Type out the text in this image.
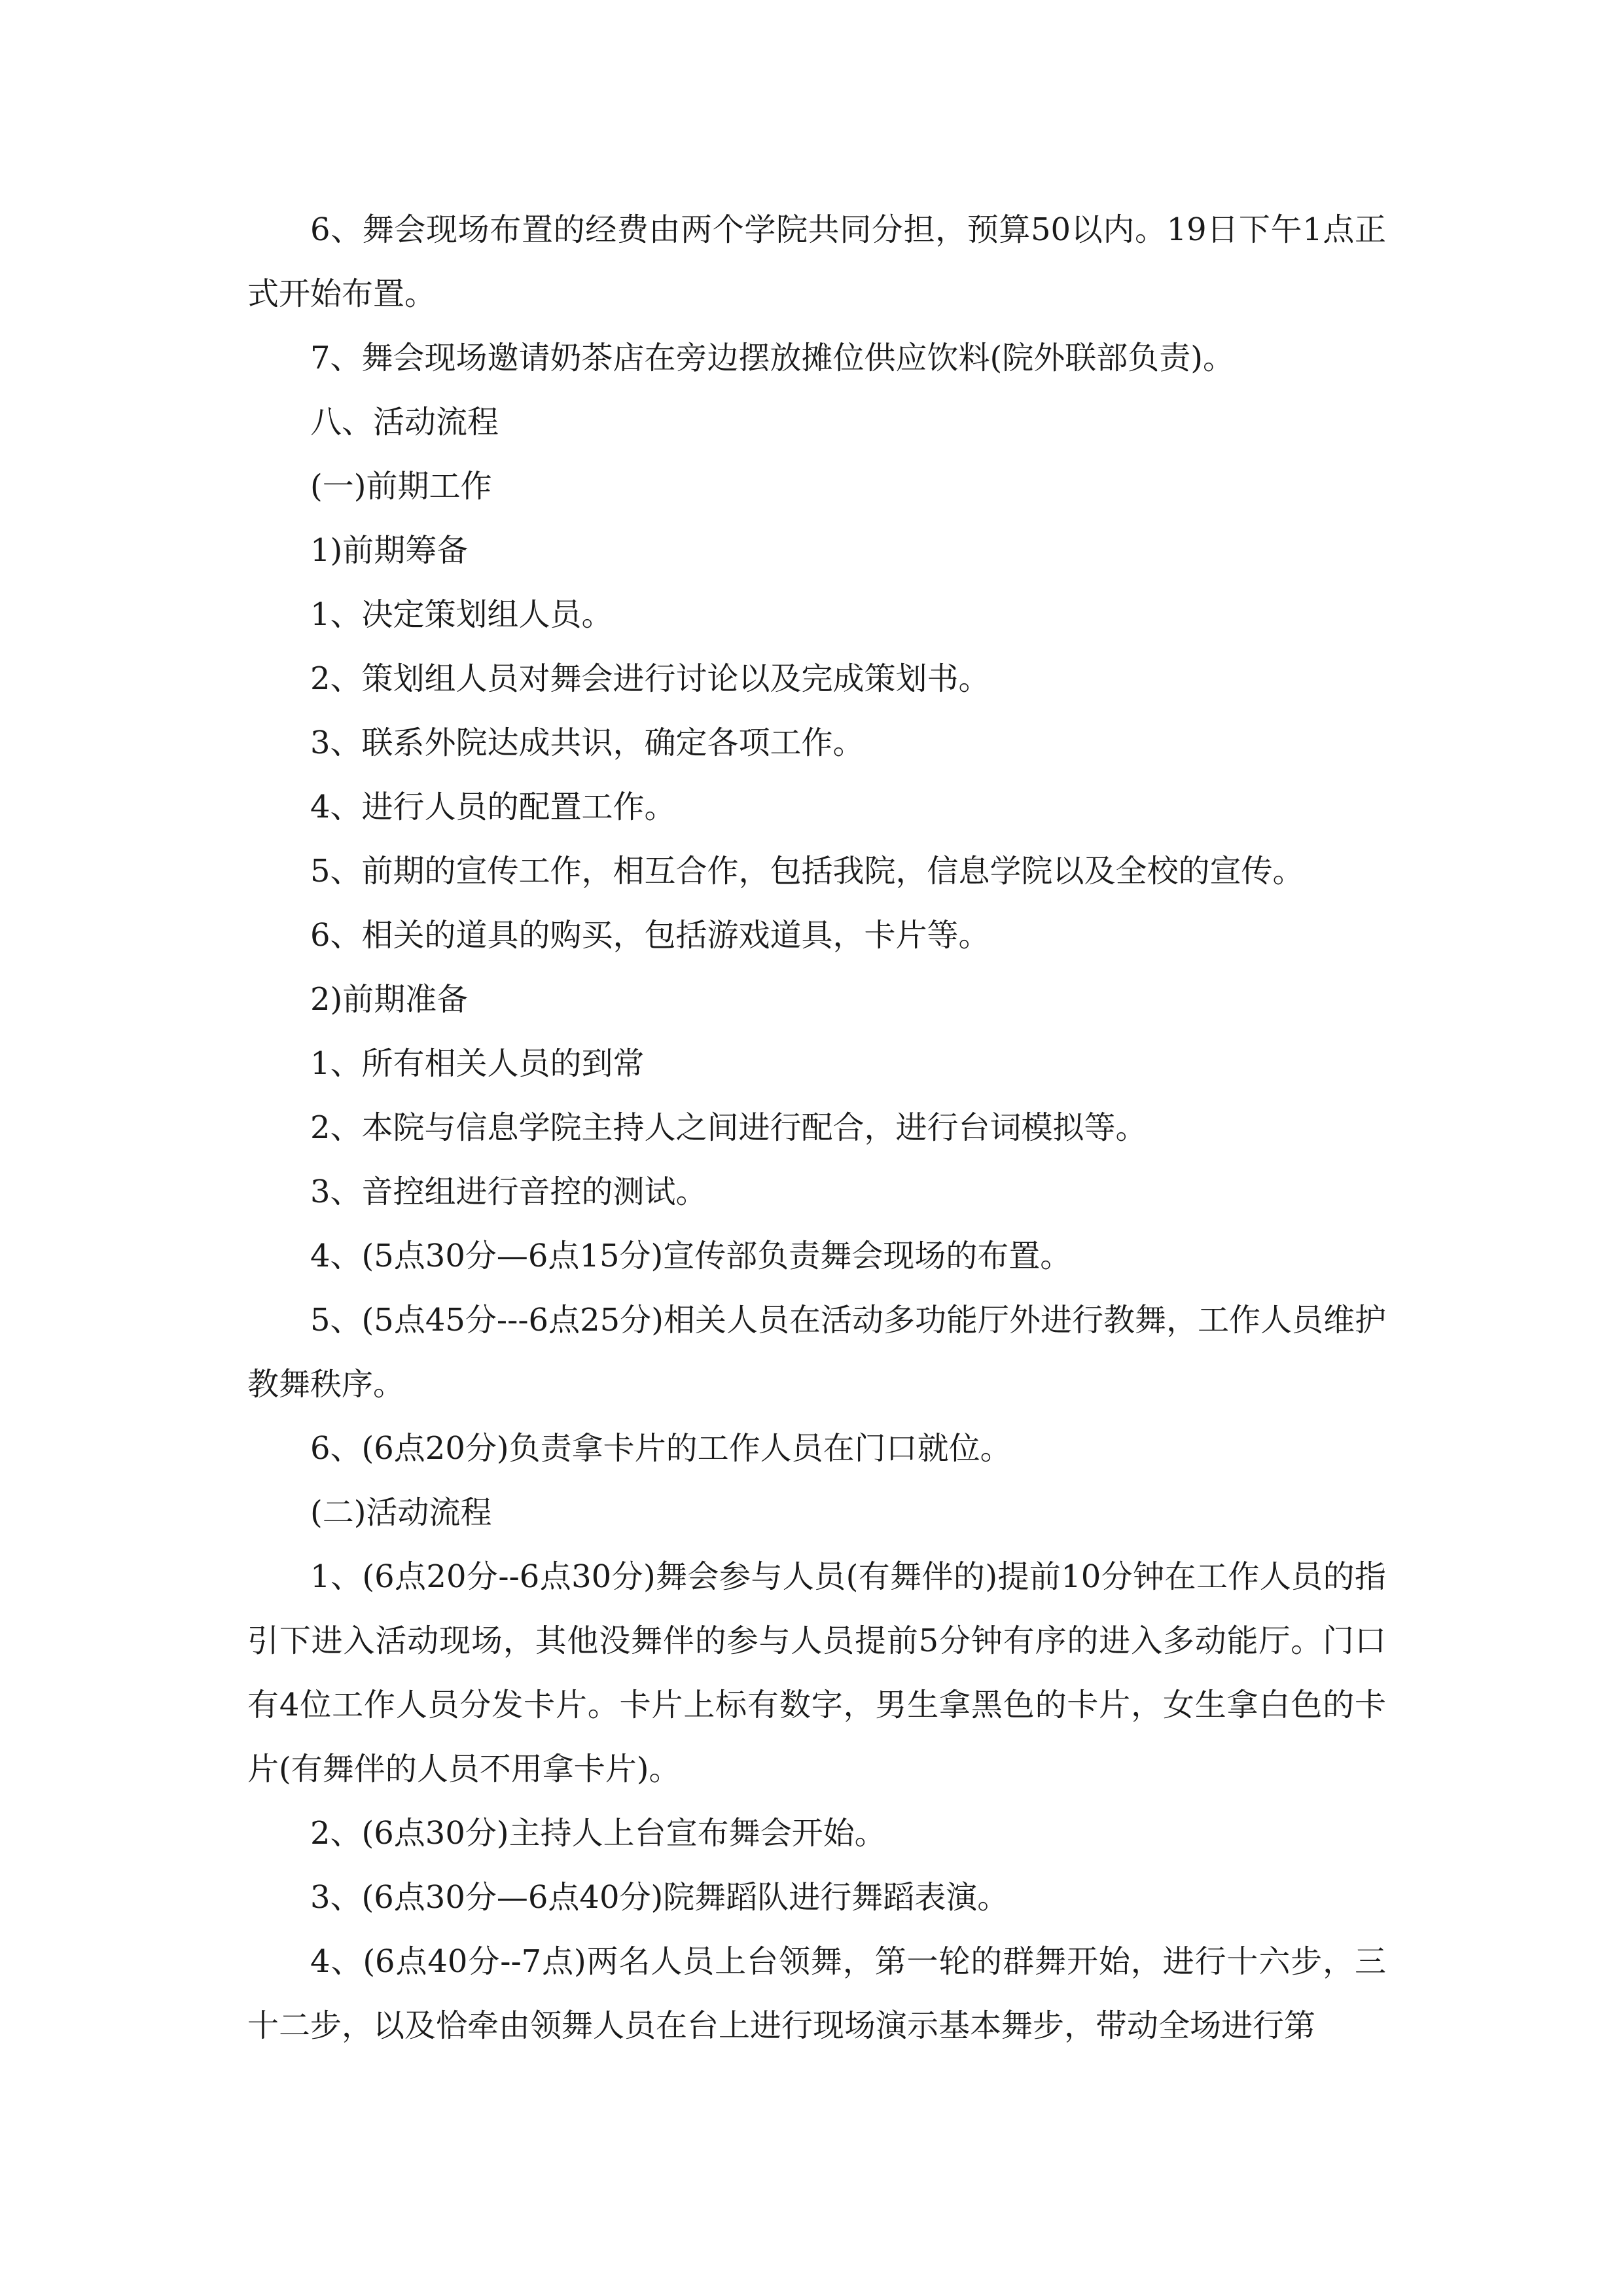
6、舞会现场布置的经费由两个学院共同分担，预算50以内。19日下午1点正式开始布置。

7、舞会现场邀请奶茶店在旁边摆放摊位供应饮料(院外联部负责)。

八、活动流程

(一)前期工作

1)前期筹备

1、决定策划组人员。

2、策划组人员对舞会进行讨论以及完成策划书。

3、联系外院达成共识，确定各项工作。

4、进行人员的配置工作。

5、前期的宣传工作，相互合作，包括我院，信息学院以及全校的宣传。

6、相关的道具的购买，包括游戏道具，卡片等。

2)前期准备

1、所有相关人员的到常

2、本院与信息学院主持人之间进行配合，进行台词模拟等。

3、音控组进行音控的测试。

4、(5点30分—6点15分)宣传部负责舞会现场的布置。

5、(5点45分---6点25分)相关人员在活动多功能厅外进行教舞，工作人员维护教舞秩序。

6、(6点20分)负责拿卡片的工作人员在门口就位。

(二)活动流程

1、(6点20分--6点30分)舞会参与人员(有舞伴的)提前10分钟在工作人员的指引下进入活动现场，其他没舞伴的参与人员提前5分钟有序的进入多动能厅。门口有4位工作人员分发卡片。卡片上标有数字，男生拿黑色的卡片，女生拿白色的卡片(有舞伴的人员不用拿卡片)。

2、(6点30分)主持人上台宣布舞会开始。

3、(6点30分—6点40分)院舞蹈队进行舞蹈表演。

4、(6点40分--7点)两名人员上台领舞，第一轮的群舞开始，进行十六步，三十二步，以及恰牵由领舞人员在台上进行现场演示基本舞步，带动全场进行第
